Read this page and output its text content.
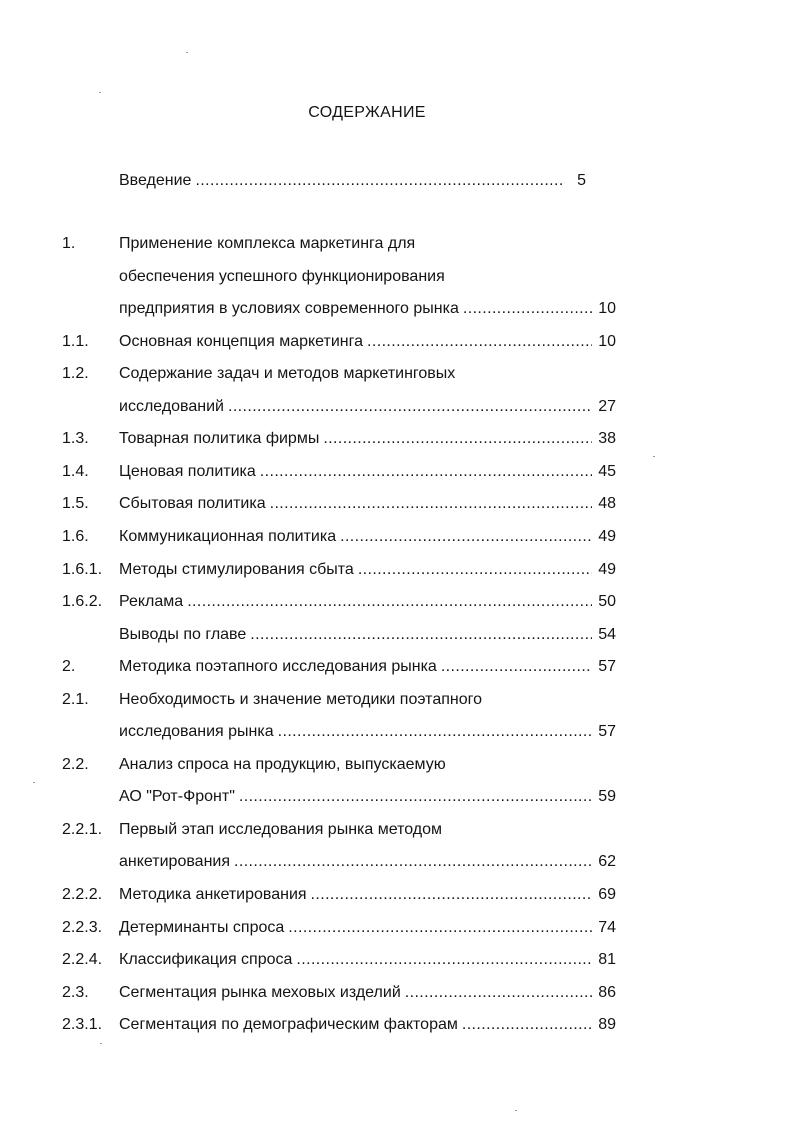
СОДЕРЖАНИЕ
Введение .....	5
1.	Применение комплекса маркетинга для
обеспечения успешного функционирования
предприятия в условиях современного рынка .....	10
1.1. Основная концепция маркетинга .....	10
1.2. Содержание задач и методов маркетинговых
исследований .....	27
1.3. Товарная политика фирмы .....	38
1.4. Ценовая политика .....	45
1.5. Сбытовая политика .....	48
1.6. Коммуникационная политика .....	49
1.6.1. Методы стимулирования сбыта .....	49
1.6.2. Реклама .....	50
Выводы по главе .....	54
2.	Методика поэтапного исследования рынка .....	57
2.1. Необходимость и значение методики поэтапного
исследования рынка .....	57
2.2. Анализ спроса на продукцию, выпускаемую
АО "Рот-Фронт" .....	59
2.2.1. Первый этап исследования рынка методом
анкетирования .....	62
2.2.2. Методика анкетирования .....	69
2.2.3. Детерминанты спроса .....	74
2.2.4. Классификация спроса .....	81
2.3. Сегментация рынка меховых изделий .....	86
2.3.1. Сегментация по демографическим факторам .....	89
